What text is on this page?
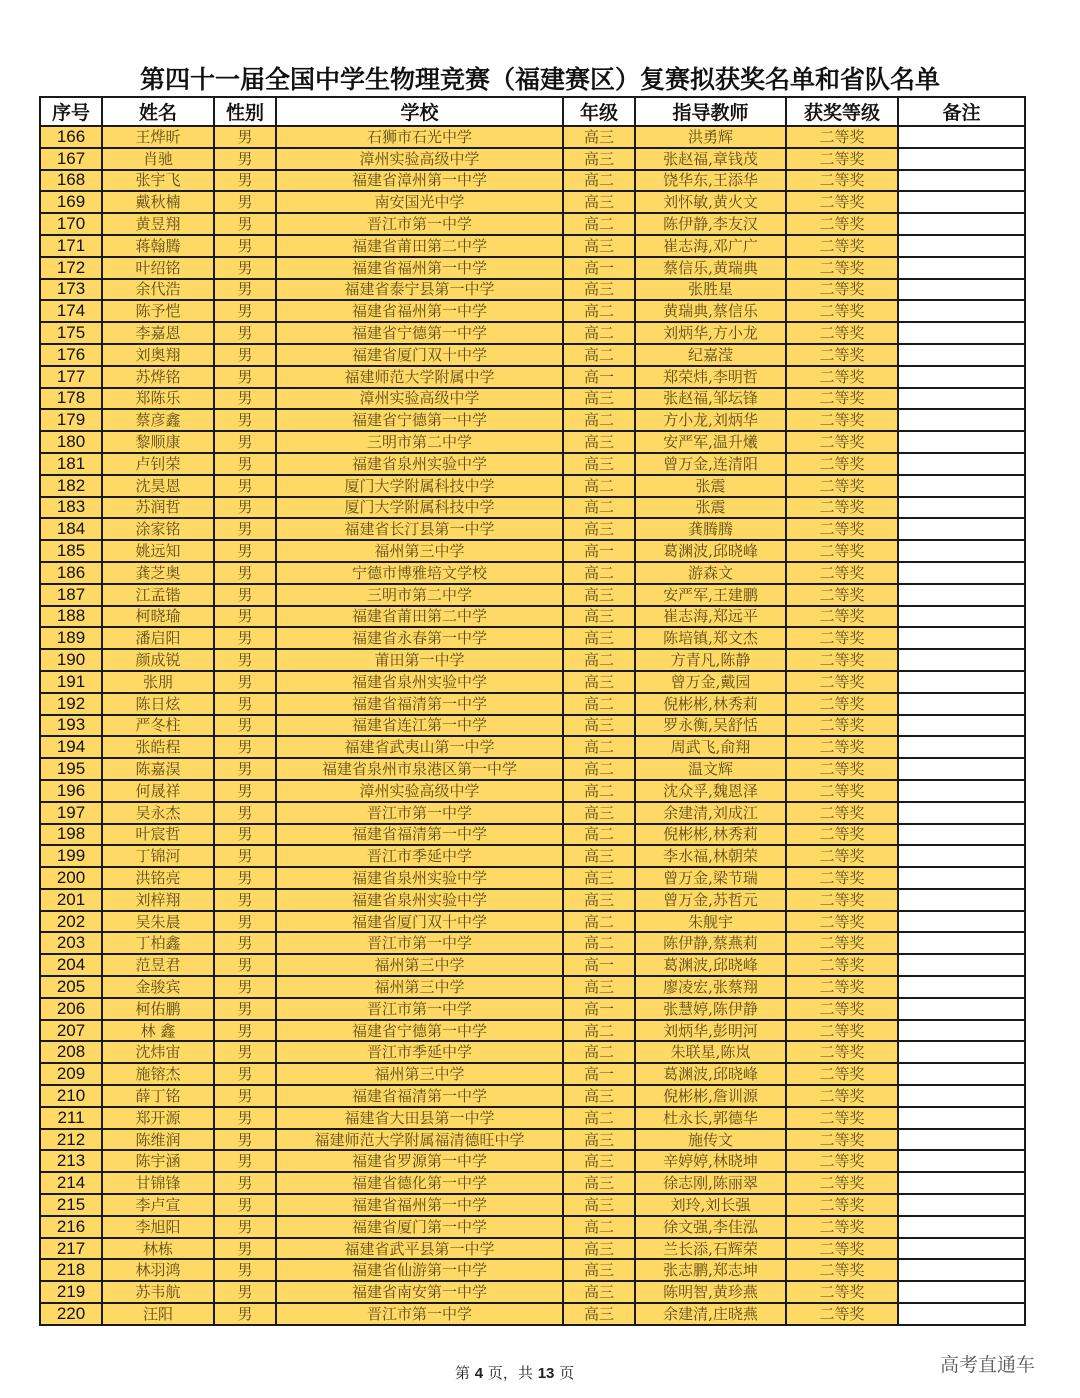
第四十一届全国中学生物理竞赛（福建赛区）复赛拟获奖名单和省队名单
序号	姓名	性别	学校	年级	指导教师	获奖等级	备注
166	王烨昕	男	石狮市石光中学	高三	洪勇辉	二等奖	
167	肖驰	男	漳州实验高级中学	高三	张赵福,章钱茂	二等奖	
168	张宇飞	男	福建省漳州第一中学	高二	饶华东,王添华	二等奖	
169	戴秋楠	男	南安国光中学	高三	刘怀敏,黄火文	二等奖	
170	黄昱翔	男	晋江市第一中学	高二	陈伊静,李友汉	二等奖	
171	蒋翰腾	男	福建省莆田第二中学	高三	崔志海,邓广广	二等奖	
172	叶绍铭	男	福建省福州第一中学	高一	蔡信乐,黄瑞典	二等奖	
173	余代浩	男	福建省泰宁县第一中学	高三	张胜星	二等奖	
174	陈予恺	男	福建省福州第一中学	高二	黄瑞典,蔡信乐	二等奖	
175	李嘉恩	男	福建省宁德第一中学	高二	刘炳华,方小龙	二等奖	
176	刘奥翔	男	福建省厦门双十中学	高二	纪嘉滢	二等奖	
177	苏烨铭	男	福建师范大学附属中学	高一	郑荣炜,李明哲	二等奖	
178	郑陈乐	男	漳州实验高级中学	高三	张赵福,邹坛锋	二等奖	
179	蔡彦鑫	男	福建省宁德第一中学	高二	方小龙,刘炳华	二等奖	
180	黎顺康	男	三明市第二中学	高三	安严军,温升爔	二等奖	
181	卢钊荣	男	福建省泉州实验中学	高三	曾万金,连清阳	二等奖	
182	沈昊恩	男	厦门大学附属科技中学	高二	张震	二等奖	
183	苏润哲	男	厦门大学附属科技中学	高二	张震	二等奖	
184	涂家铭	男	福建省长汀县第一中学	高三	龚腾腾	二等奖	
185	姚远知	男	福州第三中学	高一	葛渊波,邱晓峰	二等奖	
186	龚芝奥	男	宁德市博雅培文学校	高二	游森文	二等奖	
187	江孟锴	男	三明市第二中学	高三	安严军,王建鹏	二等奖	
188	柯晓瑜	男	福建省莆田第二中学	高三	崔志海,郑远平	二等奖	
189	潘启阳	男	福建省永春第一中学	高三	陈培镇,郑文杰	二等奖	
190	颜成锐	男	莆田第一中学	高二	方青凡,陈静	二等奖	
191	张朋	男	福建省泉州实验中学	高三	曾万金,戴园	二等奖	
192	陈日炫	男	福建省福清第一中学	高二	倪彬彬,林秀莉	二等奖	
193	严冬柱	男	福建省连江第一中学	高三	罗永衡,吴舒恬	二等奖	
194	张皓程	男	福建省武夷山第一中学	高二	周武飞,俞翔	二等奖	
195	陈嘉淏	男	福建省泉州市泉港区第一中学	高二	温文辉	二等奖	
196	何晟祥	男	漳州实验高级中学	高二	沈众孚,魏恩泽	二等奖	
197	吴永杰	男	晋江市第一中学	高三	余建清,刘成江	二等奖	
198	叶宸哲	男	福建省福清第一中学	高二	倪彬彬,林秀莉	二等奖	
199	丁锦河	男	晋江市季延中学	高三	李水福,林朝荣	二等奖	
200	洪铭亮	男	福建省泉州实验中学	高三	曾万金,梁节瑞	二等奖	
201	刘梓翔	男	福建省泉州实验中学	高三	曾万金,苏哲元	二等奖	
202	吴朱晨	男	福建省厦门双十中学	高二	朱舰宇	二等奖	
203	丁柏鑫	男	晋江市第一中学	高二	陈伊静,蔡燕莉	二等奖	
204	范昱君	男	福州第三中学	高一	葛渊波,邱晓峰	二等奖	
205	金骏宾	男	福州第三中学	高三	廖凌宏,张蔡翔	二等奖	
206	柯佑鹏	男	晋江市第一中学	高一	张慧婷,陈伊静	二等奖	
207	林 鑫	男	福建省宁德第一中学	高二	刘炳华,彭明河	二等奖	
208	沈炜宙	男	晋江市季延中学	高二	朱联星,陈岚	二等奖	
209	施镕杰	男	福州第三中学	高一	葛渊波,邱晓峰	二等奖	
210	薛丁铭	男	福建省福清第一中学	高三	倪彬彬,詹训源	二等奖	
211	郑开源	男	福建省大田县第一中学	高二	杜永长,郭德华	二等奖	
212	陈维润	男	福建师范大学附属福清德旺中学	高三	施传文	二等奖	
213	陈宇涵	男	福建省罗源第一中学	高三	辛婷婷,林晓坤	二等奖	
214	甘锦锋	男	福建省德化第一中学	高三	徐志刚,陈丽翠	二等奖	
215	李卢宣	男	福建省福州第一中学	高三	刘玲,刘长强	二等奖	
216	李旭阳	男	福建省厦门第一中学	高二	徐文强,李佳泓	二等奖	
217	林栋	男	福建省武平县第一中学	高三	兰长添,石辉荣	二等奖	
218	林羽鸿	男	福建省仙游第一中学	高三	张志鹏,郑志坤	二等奖	
219	苏韦航	男	福建省南安第一中学	高三	陈明智,黄珍燕	二等奖	
220	汪阳	男	晋江市第一中学	高三	余建清,庄晓燕	二等奖	
第 4 页，共 13 页	高考直通车
